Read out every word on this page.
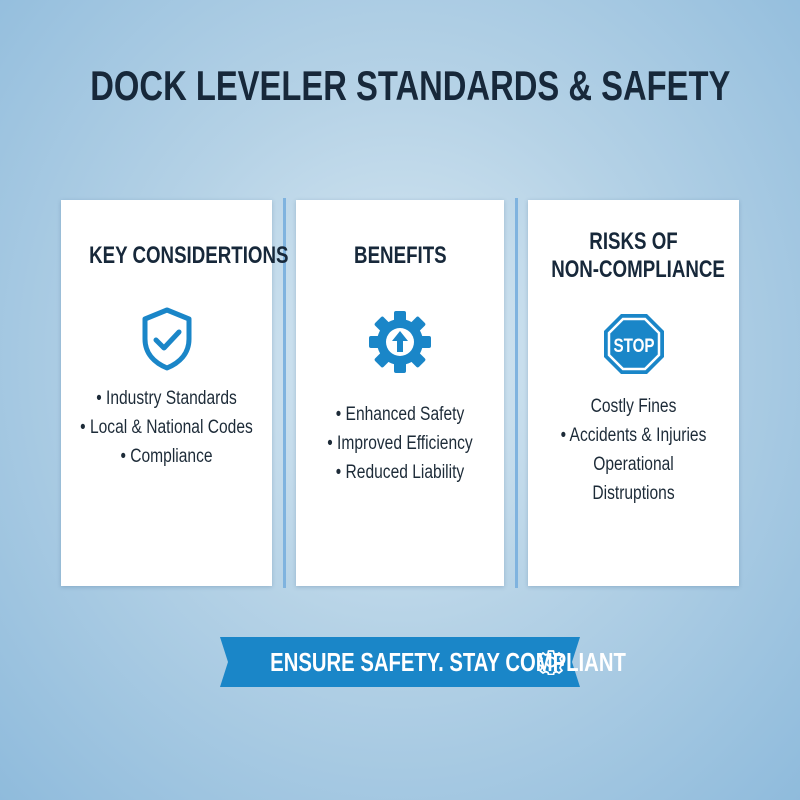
DOCK LEVELER STANDARDS & SAFETY
KEY CONSIDERTIONS
• Industry Standards
• Local & National Codes
• Compliance
BENEFITS
• Enhanced Safety
• Improved Efficiency
• Reduced Liability
RISKS OF
NON-COMPLIANCE
STOP
Costly Fines
• Accidents & Injuries
Operational
Distruptions
ENSURE SAFETY. STAY COMPLIANT
